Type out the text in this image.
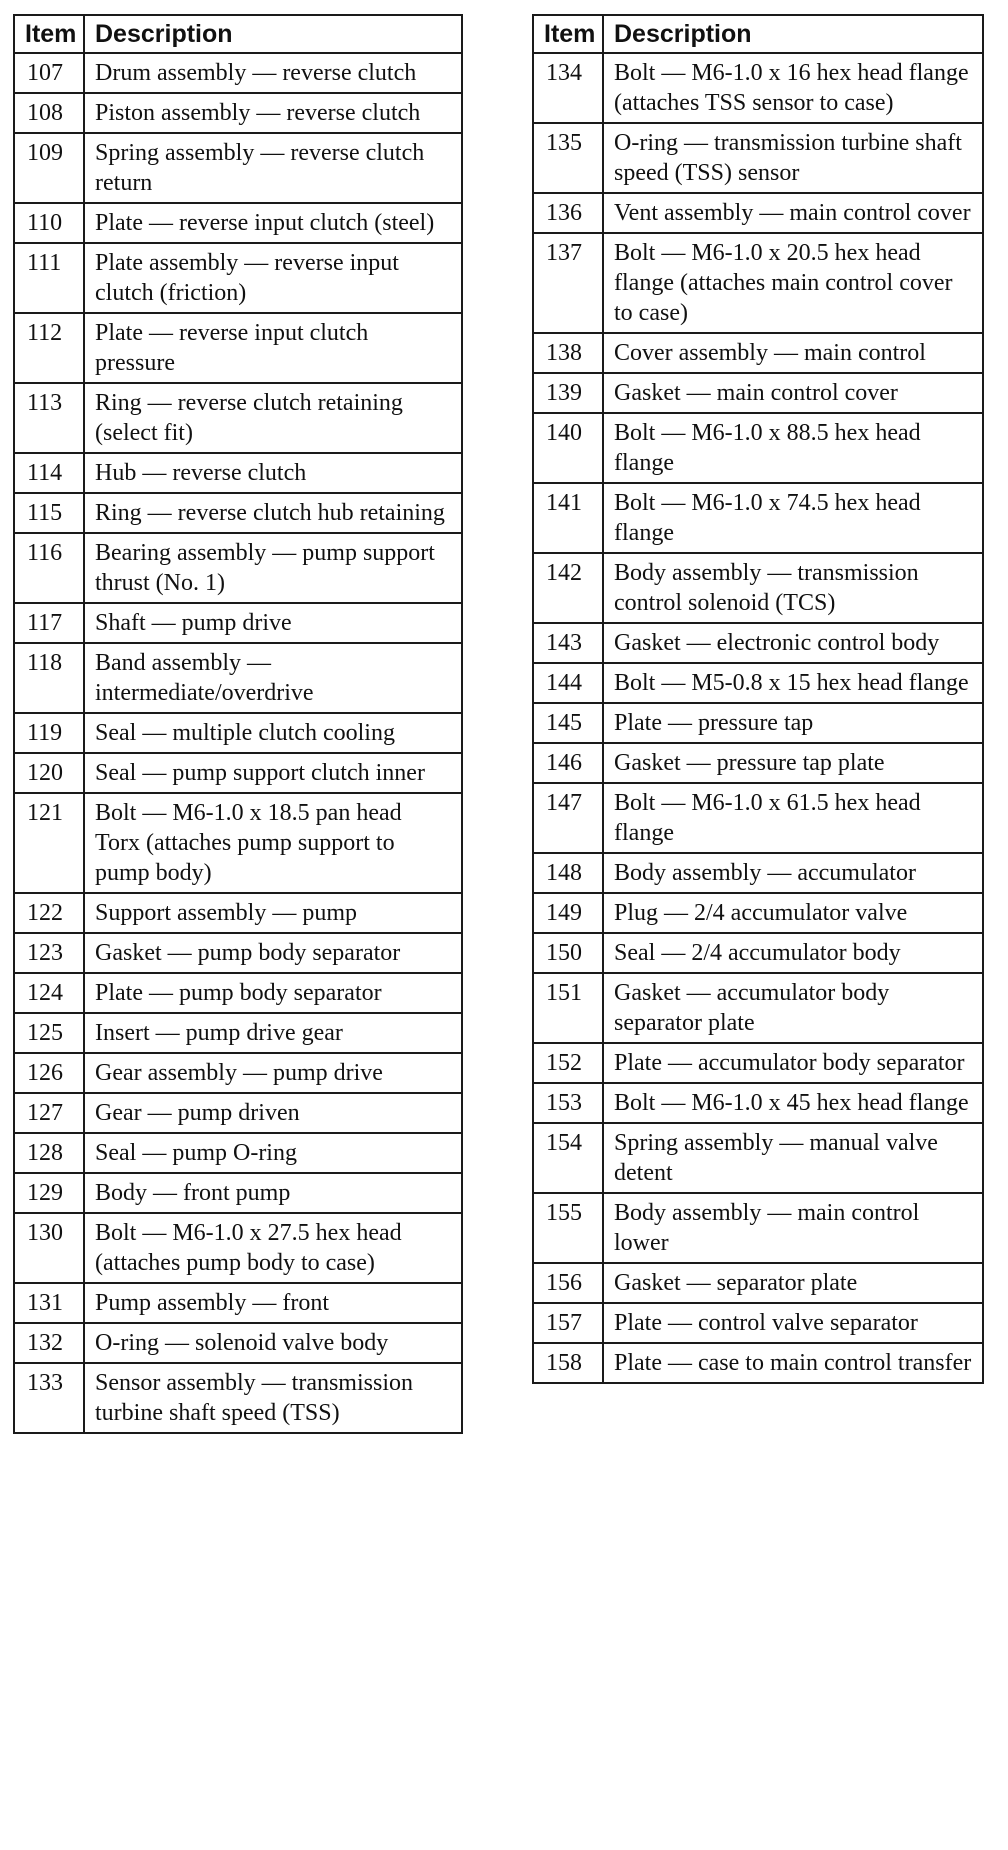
Item	Description
107	Drum assembly — reverse clutch
108	Piston assembly — reverse clutch
109	Spring assembly — reverse clutch return
110	Plate — reverse input clutch (steel)
111	Plate assembly — reverse input clutch (friction)
112	Plate — reverse input clutch pressure
113	Ring — reverse clutch retaining (select fit)
114	Hub — reverse clutch
115	Ring — reverse clutch hub retaining
116	Bearing assembly — pump support thrust (No. 1)
117	Shaft — pump drive
118	Band assembly — intermediate/overdrive
119	Seal — multiple clutch cooling
120	Seal — pump support clutch inner
121	Bolt — M6-1.0 x 18.5 pan head Torx (attaches pump support to pump body)
122	Support assembly — pump
123	Gasket — pump body separator
124	Plate — pump body separator
125	Insert — pump drive gear
126	Gear assembly — pump drive
127	Gear — pump driven
128	Seal — pump O-ring
129	Body — front pump
130	Bolt — M6-1.0 x 27.5 hex head (attaches pump body to case)
131	Pump assembly — front
132	O-ring — solenoid valve body
133	Sensor assembly — transmission turbine shaft speed (TSS)
Item	Description
134	Bolt — M6-1.0 x 16 hex head flange (attaches TSS sensor to case)
135	O-ring — transmission turbine shaft speed (TSS) sensor
136	Vent assembly — main control cover
137	Bolt — M6-1.0 x 20.5 hex head flange (attaches main control cover to case)
138	Cover assembly — main control
139	Gasket — main control cover
140	Bolt — M6-1.0 x 88.5 hex head flange
141	Bolt — M6-1.0 x 74.5 hex head flange
142	Body assembly — transmission control solenoid (TCS)
143	Gasket — electronic control body
144	Bolt — M5-0.8 x 15 hex head flange
145	Plate — pressure tap
146	Gasket — pressure tap plate
147	Bolt — M6-1.0 x 61.5 hex head flange
148	Body assembly — accumulator
149	Plug — 2/4 accumulator valve
150	Seal — 2/4 accumulator body
151	Gasket — accumulator body separator plate
152	Plate — accumulator body separator
153	Bolt — M6-1.0 x 45 hex head flange
154	Spring assembly — manual valve detent
155	Body assembly — main control lower
156	Gasket — separator plate
157	Plate — control valve separator
158	Plate — case to main control transfer
